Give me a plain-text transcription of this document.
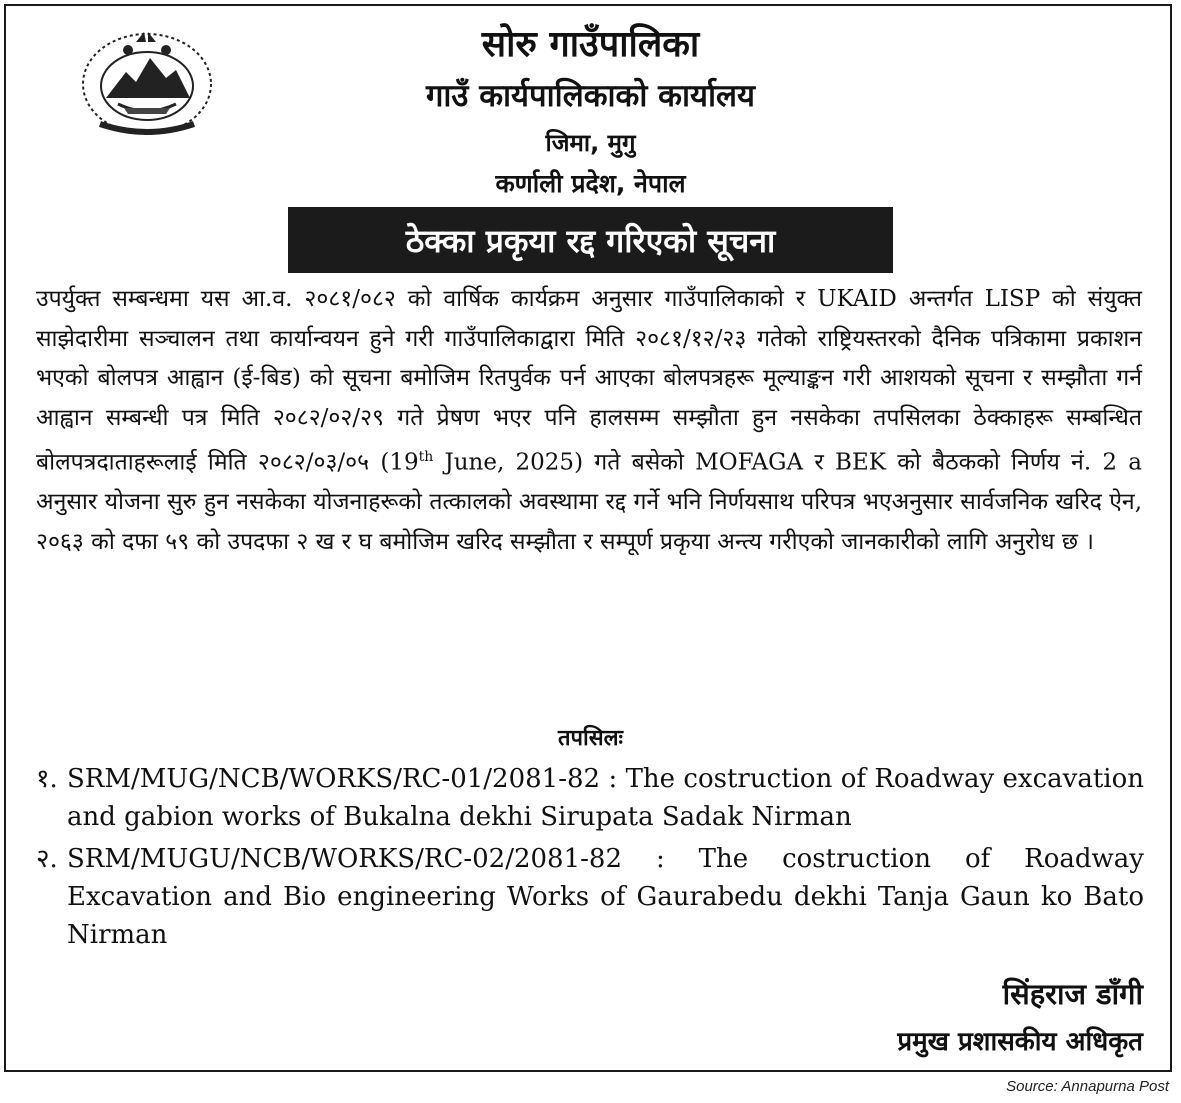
सोरु गाउँपालिका
गाउँ कार्यपालिकाको कार्यालय
जिमा, मुगु
कर्णाली प्रदेश, नेपाल
ठेक्का प्रकृया रद्द गरिएको सूचना

उपर्युक्त सम्बन्धमा यस आ.व. २०८१/०८२ को वार्षिक कार्यक्रम अनुसार गाउँपालिकाको र UKAID अन्तर्गत LISP को संयुक्त साझेदारीमा सञ्चालन तथा कार्यान्वयन हुने गरी गाउँपालिकाद्वारा मिति २०८१/१२/२३ गतेको राष्ट्रियस्तरको दैनिक पत्रिकामा प्रकाशन भएको बोलपत्र आह्वान (ई-बिड) को सूचना बमोजिम रितपुर्वक पर्न आएका बोलपत्रहरू मूल्याङ्कन गरी आशयको सूचना र सम्झौता गर्न आह्वान सम्बन्धी पत्र मिति २०८२/०२/२९ गते प्रेषण भएर पनि हालसम्म सम्झौता हुन नसकेका तपसिलका ठेक्काहरू सम्बन्धित बोलपत्रदाताहरूलाई मिति २०८२/०३/०५ (19th June, 2025) गते बसेको MOFAGA र BEK को बैठकको निर्णय नं. 2 a अनुसार योजना सुरु हुन नसकेका योजनाहरूको तत्कालको अवस्थामा रद्द गर्ने भनि निर्णयसाथ परिपत्र भएअनुसार सार्वजनिक खरिद ऐन, २०६३ को दफा ५९ को उपदफा २ ख र घ बमोजिम खरिद सम्झौता र सम्पूर्ण प्रकृया अन्त्य गरीएको जानकारीको लागि अनुरोध छ ।

तपसिलः
१. SRM/MUG/NCB/WORKS/RC-01/2081-82 : The costruction of Roadway excavation and gabion works of Bukalna dekhi Sirupata Sadak Nirman
२. SRM/MUGU/NCB/WORKS/RC-02/2081-82 : The costruction of Roadway Excavation and Bio engineering Works of Gaurabedu dekhi Tanja Gaun ko Bato Nirman
सिंहराज डाँगी
प्रमुख प्रशासकीय अधिकृत
Source: Annapurna Post
